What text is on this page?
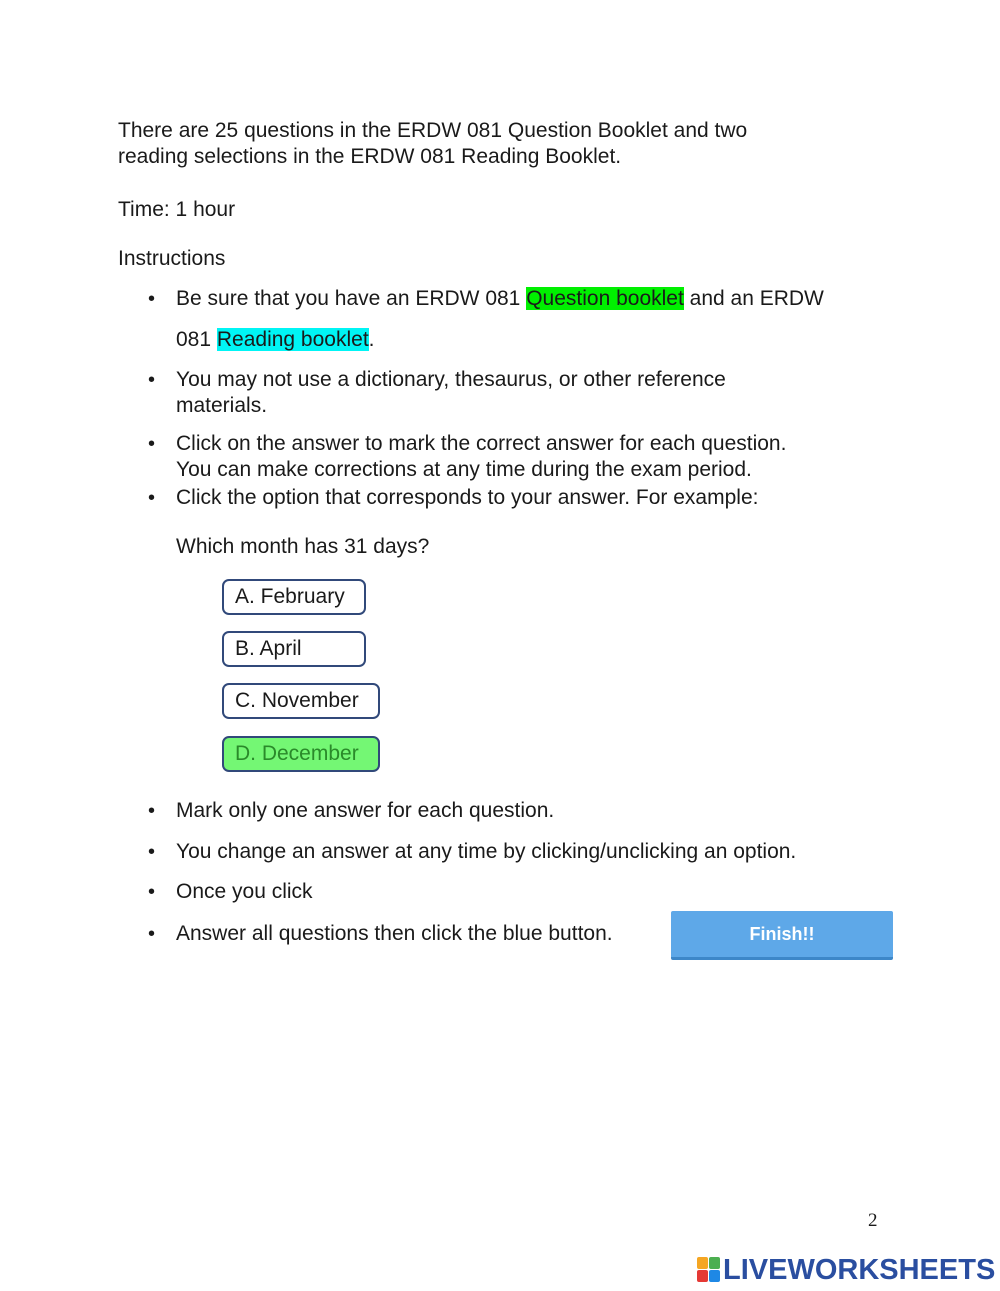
There are 25 questions in the ERDW 081 Question Booklet and two
reading selections in the ERDW 081 Reading Booklet.
Time: 1 hour
Instructions
• Be sure that you have an ERDW 081 Question booklet and an ERDW
081 Reading booklet.
• You may not use a dictionary, thesaurus, or other reference
materials.
• Click on the answer to mark the correct answer for each question.
You can make corrections at any time during the exam period.
• Click the option that corresponds to your answer. For example:
Which month has 31 days?
A. February
B. April
C. November
D. December
• Mark only one answer for each question.
• You change an answer at any time by clicking/unclicking an option.
• Once you click
• Answer all questions then click the blue button.	Finish!!
2
LIVEWORKSHEETS
